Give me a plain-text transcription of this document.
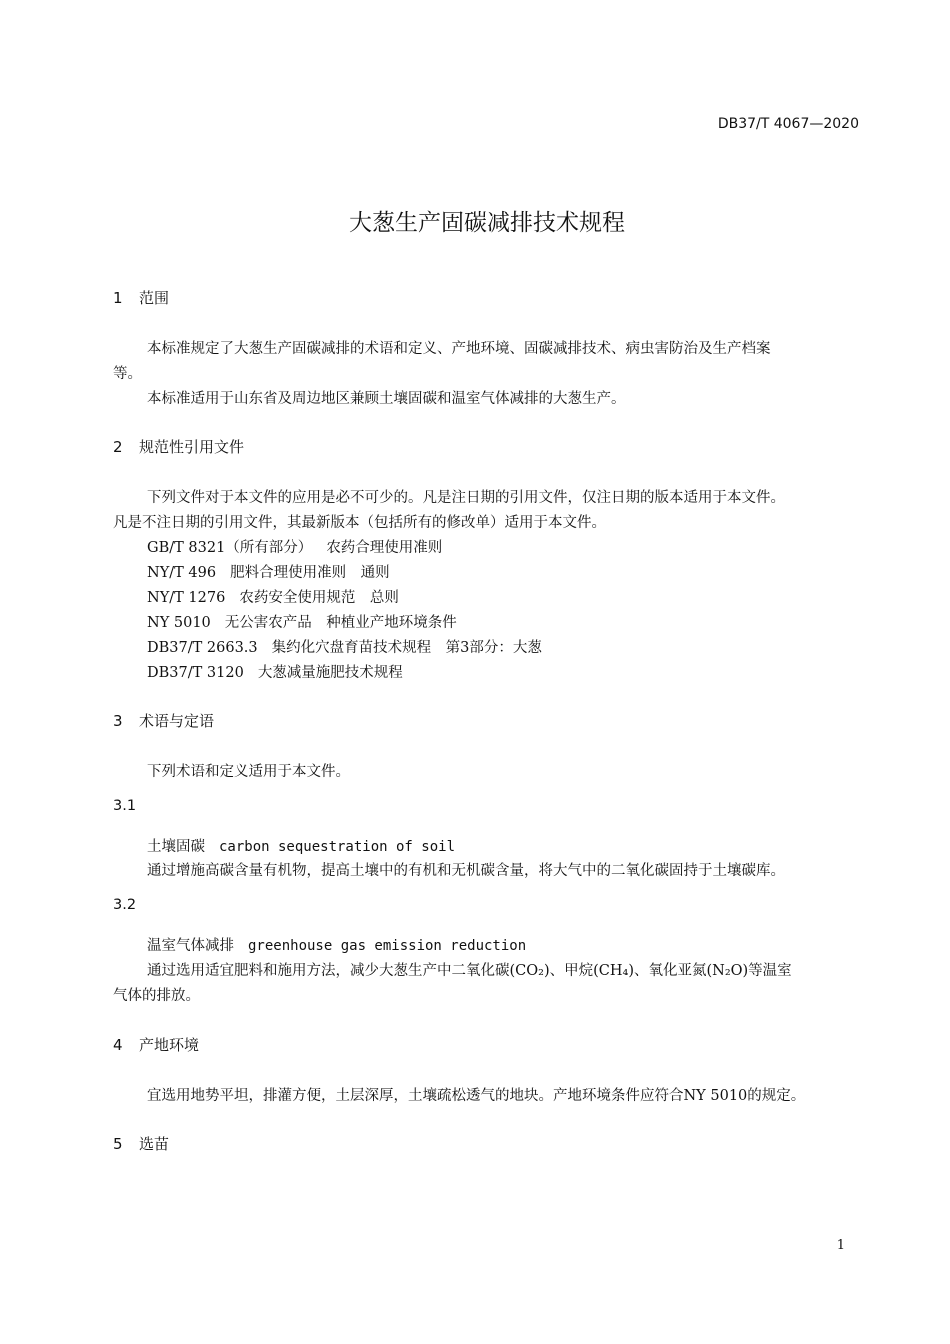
DB37/T 4067—2020
大葱生产固碳减排技术规程
1 范围
本标准规定了大葱生产固碳减排的术语和定义、产地环境、固碳减排技术、病虫害防治及生产档案
等。
本标准适用于山东省及周边地区兼顾土壤固碳和温室气体减排的大葱生产。
2 规范性引用文件
下列文件对于本文件的应用是必不可少的。凡是注日期的引用文件，仅注日期的版本适用于本文件。
凡是不注日期的引用文件，其最新版本（包括所有的修改单）适用于本文件。
GB/T 8321（所有部分） 农药合理使用准则
NY/T 496 肥料合理使用准则　通则
NY/T 1276 农药安全使用规范　总则
NY 5010 无公害农产品　种植业产地环境条件
DB37/T 2663.3 集约化穴盘育苗技术规程　第3部分：大葱
DB37/T 3120 大葱减量施肥技术规程
3 术语与定语
下列术语和定义适用于本文件。
3.1
土壤固碳 carbon sequestration of soil
通过增施高碳含量有机物，提高土壤中的有机和无机碳含量，将大气中的二氧化碳固持于土壤碳库。
3.2
温室气体减排 greenhouse gas emission reduction
通过选用适宜肥料和施用方法，减少大葱生产中二氧化碳(CO₂)、甲烷(CH₄)、氧化亚氮(N₂O)等温室
气体的排放。
4 产地环境
宜选用地势平坦，排灌方便，土层深厚，土壤疏松透气的地块。产地环境条件应符合NY 5010的规定。
5 选苗
1
